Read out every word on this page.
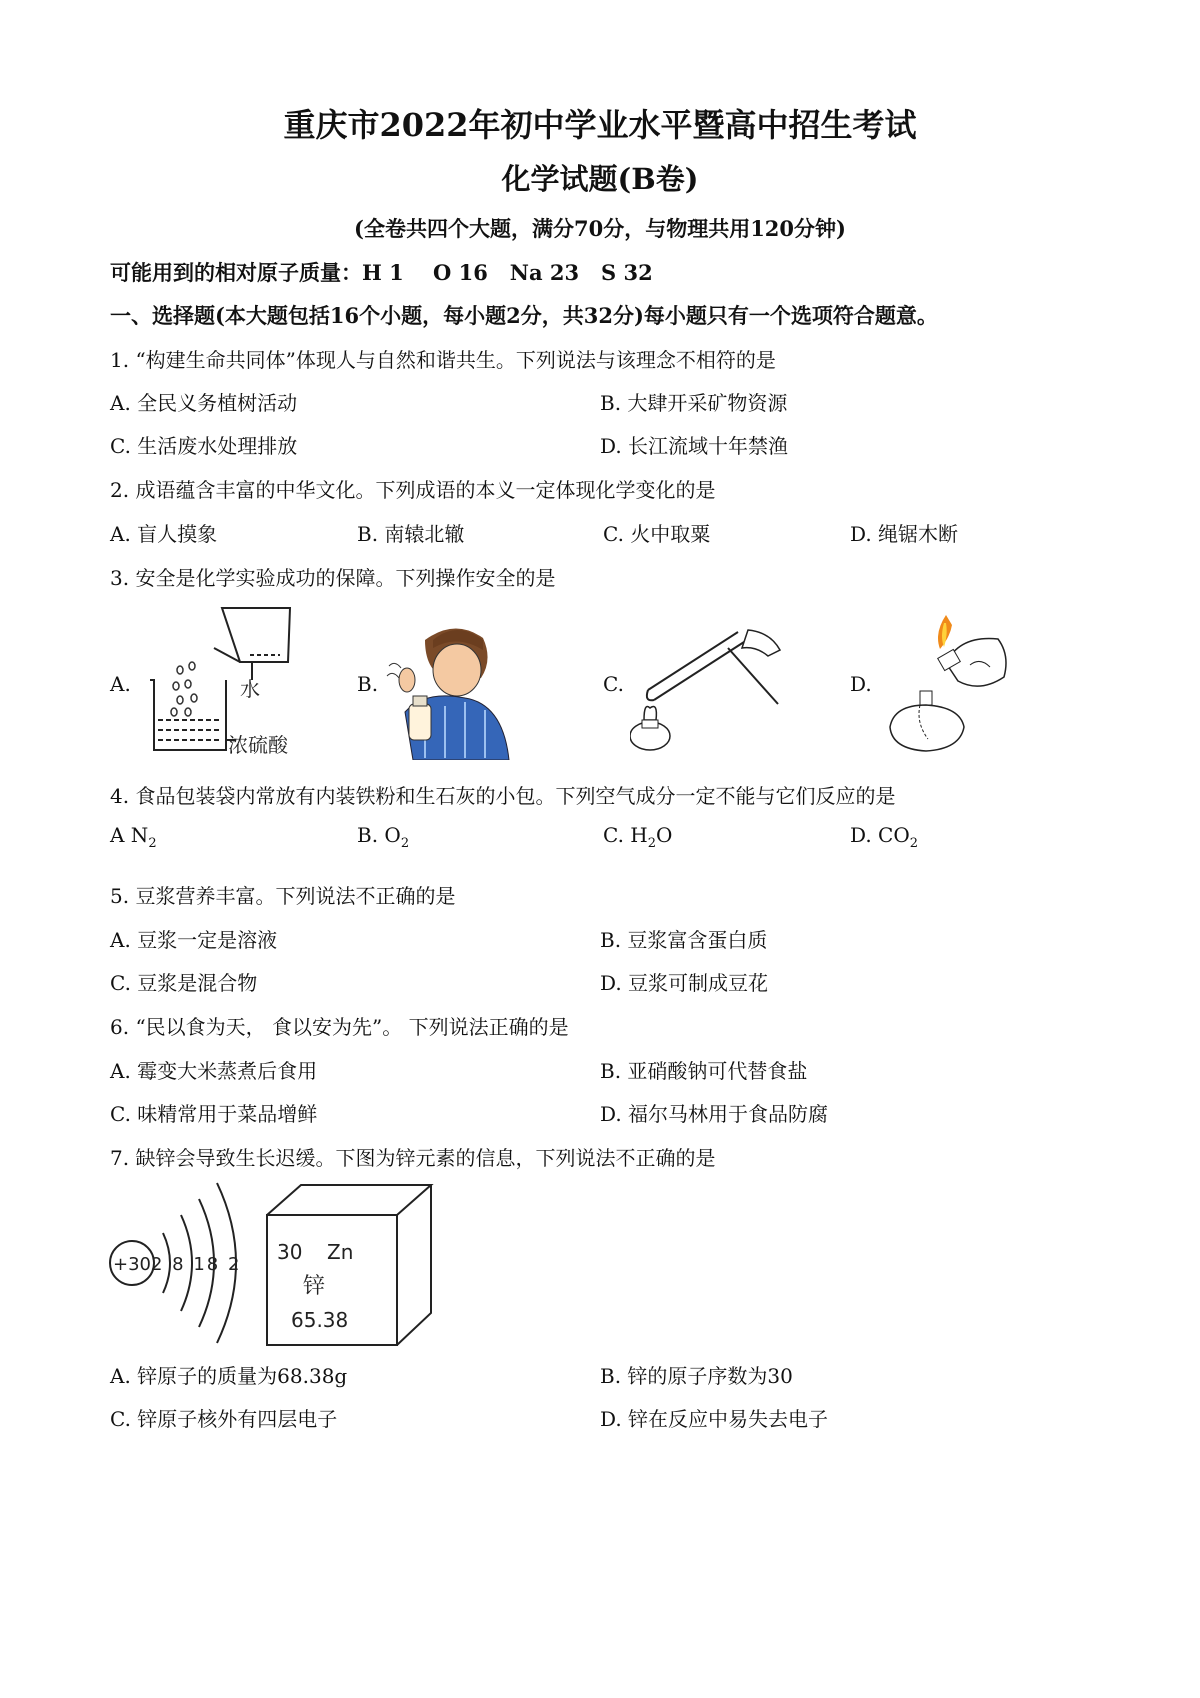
重庆市2022年初中学业水平暨高中招生考试
化学试题(B卷)
(全卷共四个大题，满分70分，与物理共用120分钟)
可能用到的相对原子质量：H 1    O 16   Na 23   S 32
一、选择题(本大题包括16个小题，每小题2分，共32分)每小题只有一个选项符合题意。
1. “构建生命共同体”体现人与自然和谐共生。下列说法与该理念不相符的是
A. 全民义务植树活动	B. 大肆开采矿物资源
C. 生活废水处理排放	D. 长江流域十年禁渔
2. 成语蕴含丰富的中华文化。下列成语的本义一定体现化学变化的是
A. 盲人摸象	B. 南辕北辙	C. 火中取粟	D. 绳锯木断
3. 安全是化学实验成功的保障。下列操作安全的是
A.	B.	C.	D.
水
浓硫酸
4. 食品包装袋内常放有内装铁粉和生石灰的小包。下列空气成分一定不能与它们反应的是
A $N_2$	B. $O_2$	C. $H_2O$	D. $CO_2$
5. 豆浆营养丰富。下列说法不正确的是
A. 豆浆一定是溶液	B. 豆浆富含蛋白质
C. 豆浆是混合物	D. 豆浆可制成豆花
6. “民以食为天， 食以安为先”。 下列说法正确的是
A. 霉变大米蒸煮后食用	B. 亚硝酸钠可代替食盐
C. 味精常用于菜品增鲜	D. 福尔马林用于食品防腐
7. 缺锌会导致生长迟缓。下图为锌元素的信息，下列说法不正确的是
+30 2 8 18 2
30 Zn
锌
65.38
A. 锌原子的质量为68.38g	B. 锌的原子序数为30
C. 锌原子核外有四层电子	D. 锌在反应中易失去电子
